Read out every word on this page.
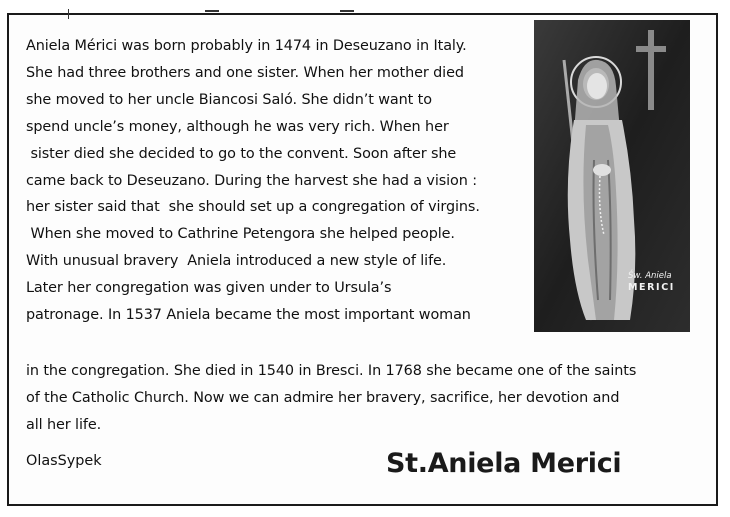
Aniela Mérici was born probably in 1474 in Deseuzano in Italy.
She had three brothers and one sister. When her mother died
she moved to her uncle Biancosi Saló. She didn’t want to
spend uncle’s money, although he was very rich. When her
sister died she decided to go to the convent. Soon after she
came back to Deseuzano. During the harvest she had a vision :
her sister said that  she should set up a congregation of virgins.
When she moved to Cathrine Petengora she helped people.
With unusual bravery  Aniela introduced a new style of life.
Later her congregation was given under to Ursula’s
patronage. In 1537 Aniela became the most important woman
in the congregation. She died in 1540 in Bresci. In 1768 she became one of the saints
of the Catholic Church. Now we can admire her bravery, sacrifice, her devotion and
all her life.
OlasSypek	St.Aniela Merici
Św. Aniela
MERICI
